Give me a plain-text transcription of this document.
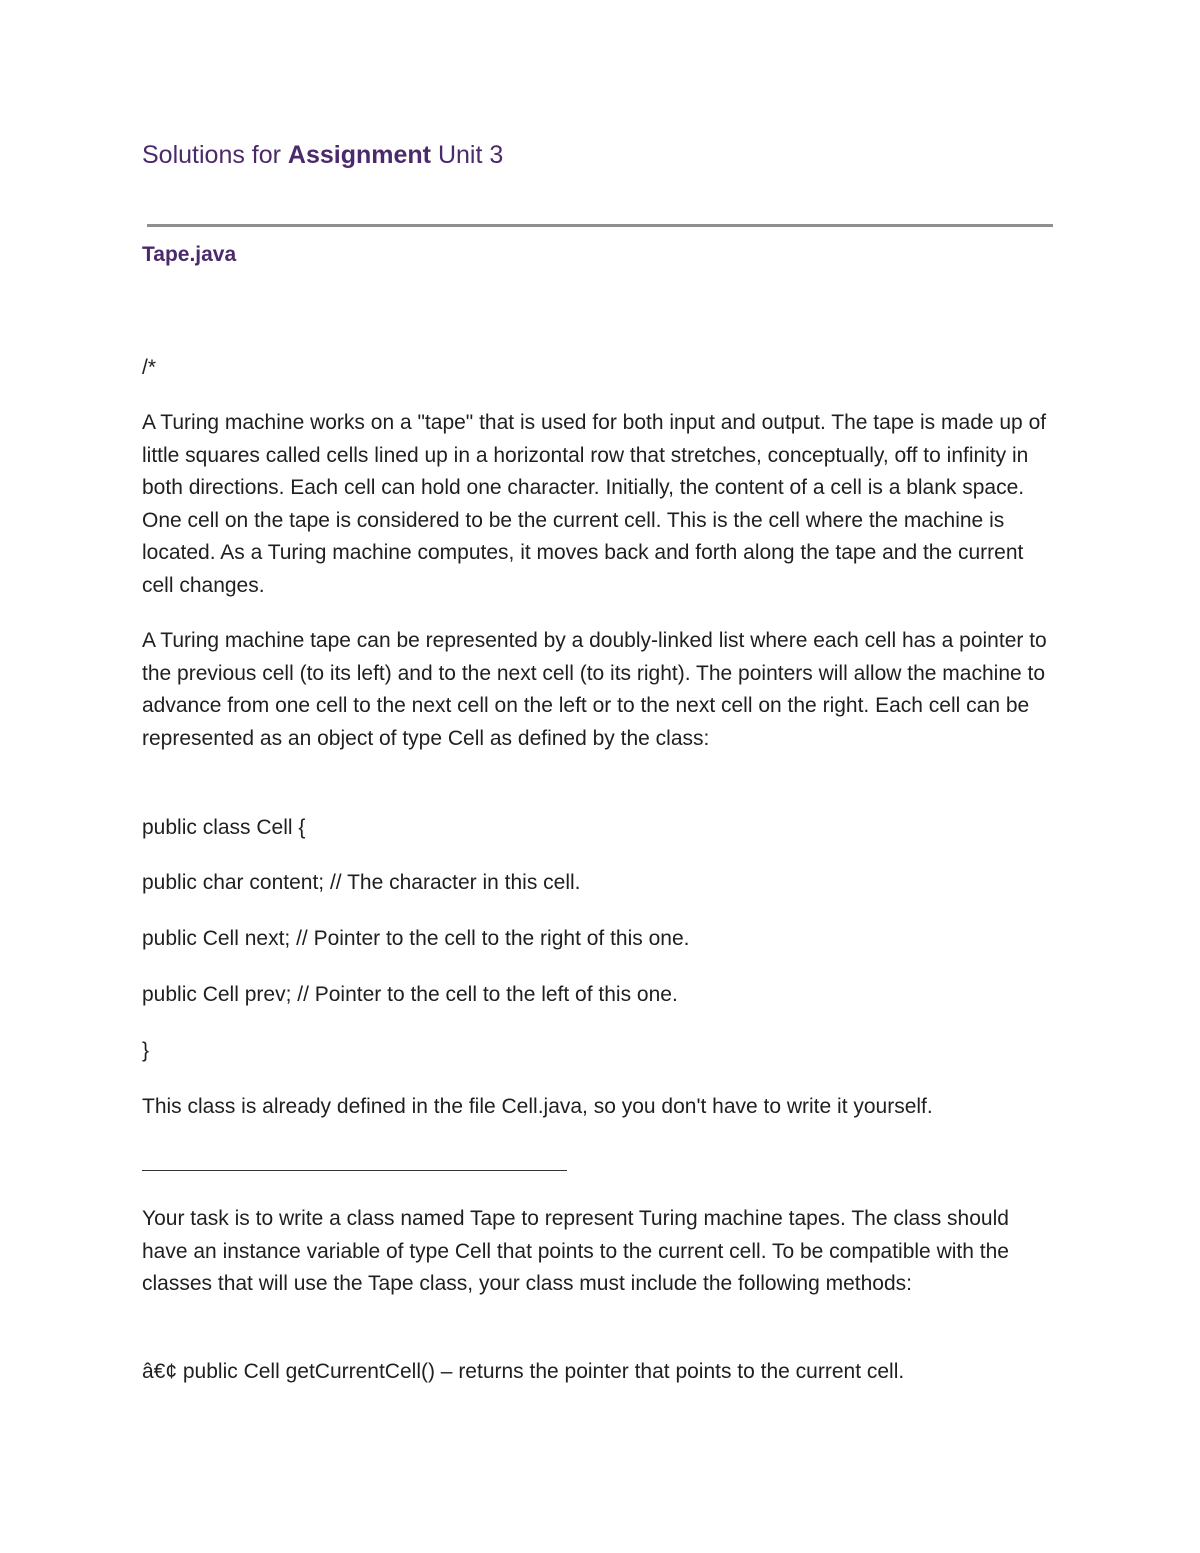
Solutions for Assignment Unit 3
Tape.java

/*

A Turing machine works on a "tape" that is used for both input and output. The tape is made up of little squares called cells lined up in a horizontal row that stretches, conceptually, off to infinity in both directions. Each cell can hold one character. Initially, the content of a cell is a blank space. One cell on the tape is considered to be the current cell. This is the cell where the machine is located. As a Turing machine computes, it moves back and forth along the tape and the current cell changes.

A Turing machine tape can be represented by a doubly-linked list where each cell has a pointer to the previous cell (to its left) and to the next cell (to its right). The pointers will allow the machine to advance from one cell to the next cell on the left or to the next cell on the right. Each cell can be represented as an object of type Cell as defined by the class:

public class Cell {

public char content; // The character in this cell.

public Cell next; // Pointer to the cell to the right of this one.

public Cell prev; // Pointer to the cell to the left of this one.

}

This class is already defined in the file Cell.java, so you don't have to write it yourself.

Your task is to write a class named Tape to represent Turing machine tapes. The class should have an instance variable of type Cell that points to the current cell. To be compatible with the classes that will use the Tape class, your class must include the following methods:

â€¢ public Cell getCurrentCell() – returns the pointer that points to the current cell.
